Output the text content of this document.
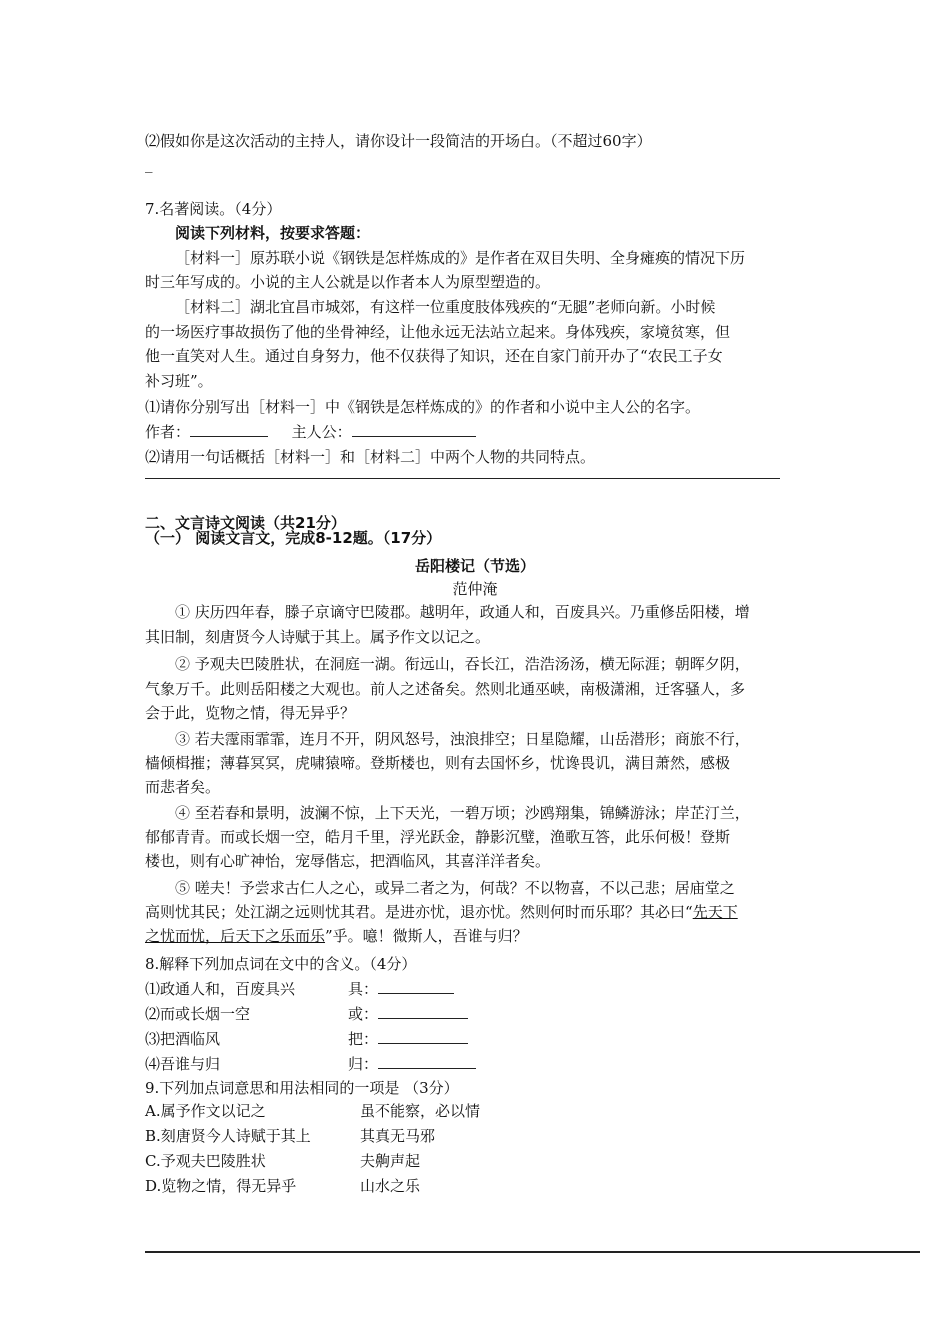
⑵假如你是这次活动的主持人，请你设计一段简洁的开场白。（不超过60字）
_
7.名著阅读。（4分）
阅读下列材料，按要求答题：
［材料一］原苏联小说《钢铁是怎样炼成的》是作者在双目失明、全身瘫痪的情况下历
时三年写成的。小说的主人公就是以作者本人为原型塑造的。
［材料二］湖北宜昌市城郊，有这样一位重度肢体残疾的“无腿”老师向新。小时候
的一场医疗事故损伤了他的坐骨神经，让他永远无法站立起来。身体残疾，家境贫寒，但
他一直笑对人生。通过自身努力，他不仅获得了知识，还在自家门前开办了“农民工子女
补习班”。
⑴请你分别写出［材料一］中《钢铁是怎样炼成的》的作者和小说中主人公的名字。
作者：	主人公：
⑵请用一句话概括［材料一］和［材料二］中两个人物的共同特点。
二、文言诗文阅读（共21分）
（一） 阅读文言文，完成8-12题。（17分）
岳阳楼记（节选）
范仲淹
① 庆历四年春，滕子京谪守巴陵郡。越明年，政通人和，百废具兴。乃重修岳阳楼，增
其旧制，刻唐贤今人诗赋于其上。属予作文以记之。
② 予观夫巴陵胜状，在洞庭一湖。衔远山，吞长江，浩浩汤汤，横无际涯；朝晖夕阴，
气象万千。此则岳阳楼之大观也。前人之述备矣。然则北通巫峡，南极潇湘，迁客骚人，多
会于此，览物之情，得无异乎？
③ 若夫霪雨霏霏，连月不开，阴风怒号，浊浪排空；日星隐耀，山岳潜形；商旅不行，
樯倾楫摧；薄暮冥冥，虎啸猿啼。登斯楼也，则有去国怀乡，忧谗畏讥，满目萧然，感极
而悲者矣。
④ 至若春和景明，波澜不惊，上下天光，一碧万顷；沙鸥翔集，锦鳞游泳；岸芷汀兰，
郁郁青青。而或长烟一空，皓月千里，浮光跃金，静影沉璧，渔歌互答，此乐何极！登斯
楼也，则有心旷神怡，宠辱偕忘，把酒临风，其喜洋洋者矣。
⑤ 嗟夫！予尝求古仁人之心，或异二者之为，何哉？不以物喜，不以己悲；居庙堂之
高则忧其民；处江湖之远则忧其君。是进亦忧，退亦忧。然则何时而乐耶？其必曰“先天下
之忧而忧，后天下之乐而乐”乎。噫！微斯人，吾谁与归？
8.解释下列加点词在文中的含义。（4分）
⑴政通人和，百废具兴	具：
⑵而或长烟一空	或：
⑶把酒临风	把：
⑷吾谁与归	归：
9.下列加点词意思和用法相同的一项是 （3分）
A.属予作文以记之	虽不能察，必以情
B.刻唐贤今人诗赋于其上	其真无马邪
C.予观夫巴陵胜状	夫齁声起
D.览物之情，得无异乎	山水之乐
